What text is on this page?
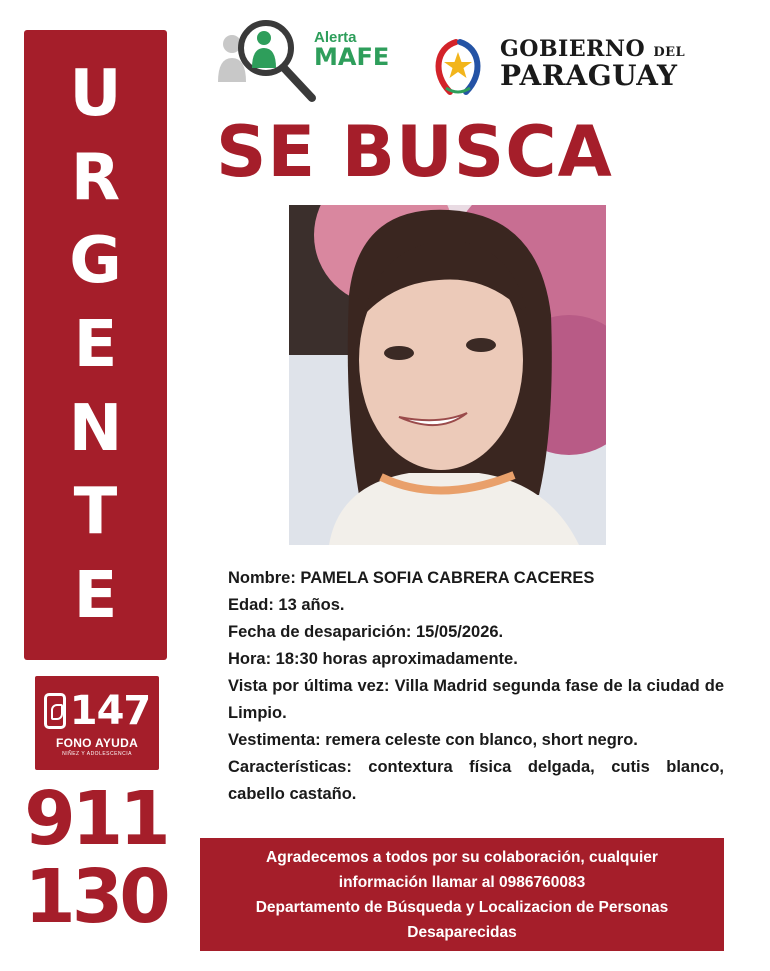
U
R
G
E
N
T
E
147
FONO AYUDA
NIÑEZ Y ADOLESCENCIA
911
130
Alerta
MAFE	GOBIERNO DEL
PARAGUAY
SE BUSCA
Nombre: PAMELA SOFIA CABRERA CACERES
Edad: 13 años.
Fecha de desaparición: 15/05/2026.
Hora: 18:30 horas aproximadamente.
Vista por última vez: Villa Madrid segunda fase de la ciudad de Limpio.
Vestimenta: remera celeste con blanco, short negro.
Características: contextura física delgada, cutis blanco, cabello castaño.
Agradecemos a todos por su colaboración, cualquier
información llamar al 0986760083
Departamento de Búsqueda y Localizacion de Personas
Desaparecidas
